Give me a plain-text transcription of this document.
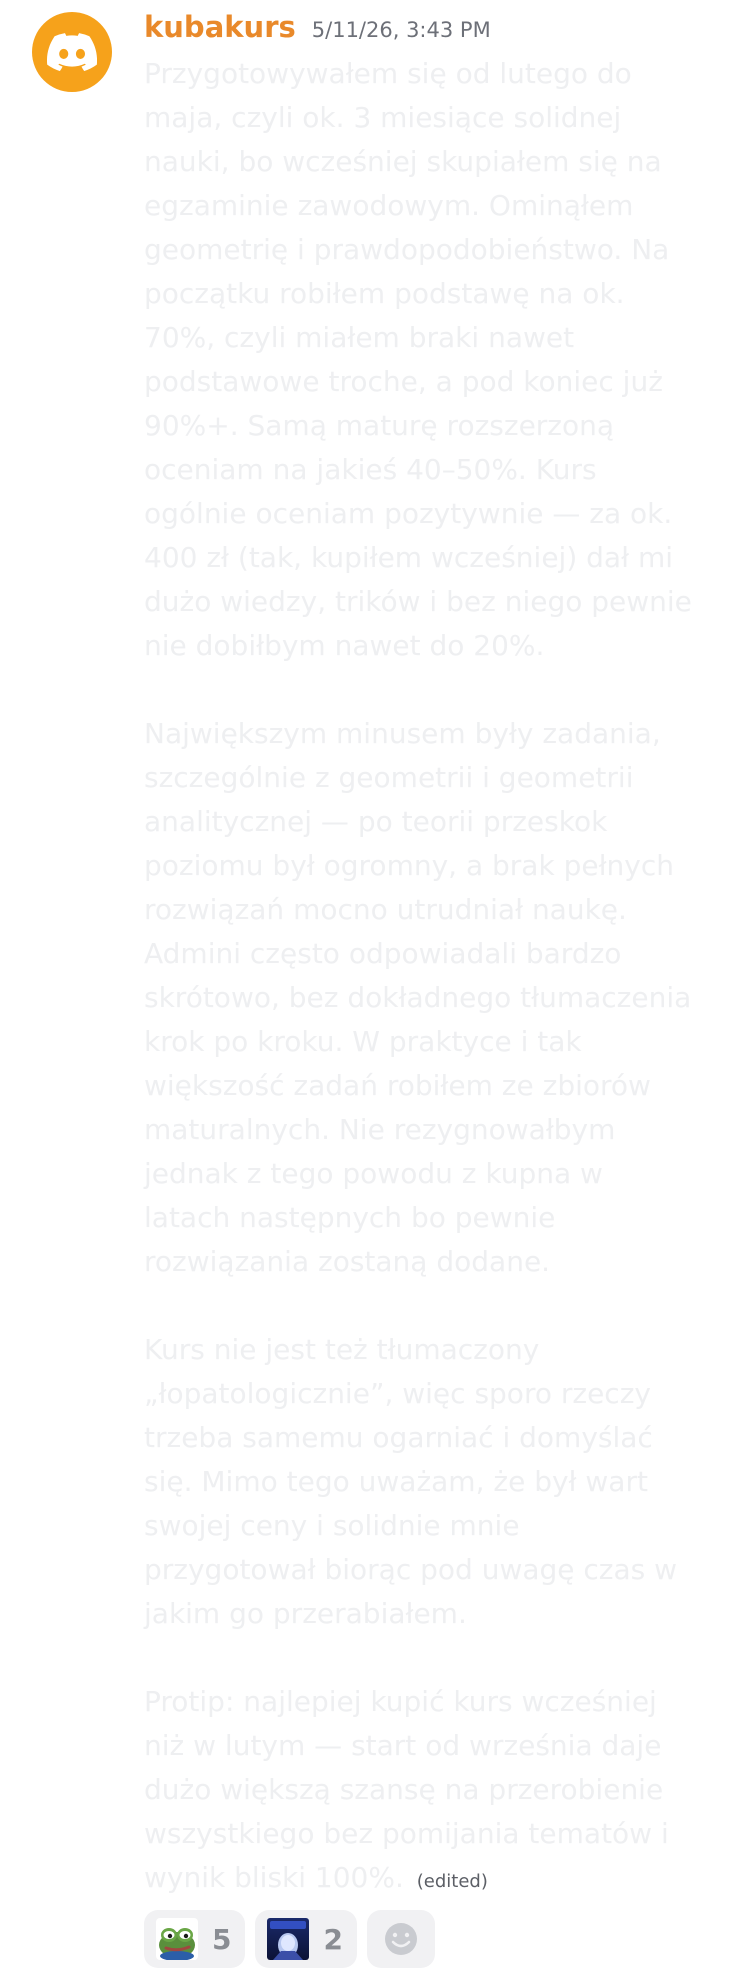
kubakurs 5/11/26, 3:43 PM

Przygotowywałem się od lutego do maja, czyli ok. 3 miesiące solidnej nauki, bo wcześniej skupiałem się na egzaminie zawodowym. Ominąłem geometrię i prawdopodobieństwo. Na początku robiłem podstawę na ok. 70%, czyli miałem braki nawet podstawowe troche, a pod koniec już 90%+. Samą maturę rozszerzoną oceniam na jakieś 40–50%. Kurs ogólnie oceniam pozytywnie — za ok. 400 zł (tak, kupiłem wcześniej) dał mi dużo wiedzy, trików i bez niego pewnie nie dobiłbym nawet do 20%.

Największym minusem były zadania, szczególnie z geometrii i geometrii analitycznej — po teorii przeskok poziomu był ogromny, a brak pełnych rozwiązań mocno utrudniał naukę. Admini często odpowiadali bardzo skrótowo, bez dokładnego tłumaczenia krok po kroku. W praktyce i tak większość zadań robiłem ze zbiorów maturalnych. Nie rezygnowałbym jednak z tego powodu z kupna w latach następnych bo pewnie rozwiązania zostaną dodane.

Kurs nie jest też tłumaczony „łopatologicznie”, więc sporo rzeczy trzeba samemu ogarniać i domyślać się. Mimo tego uważam, że był wart swojej ceny i solidnie mnie przygotował biorąc pod uwagę czas w jakim go przerabiałem.

Protip: najlepiej kupić kurs wcześniej niż w lutym — start od września daje dużo większą szansę na przerobienie wszystkiego bez pomijania tematów i wynik bliski 100%. (edited)

5	2
